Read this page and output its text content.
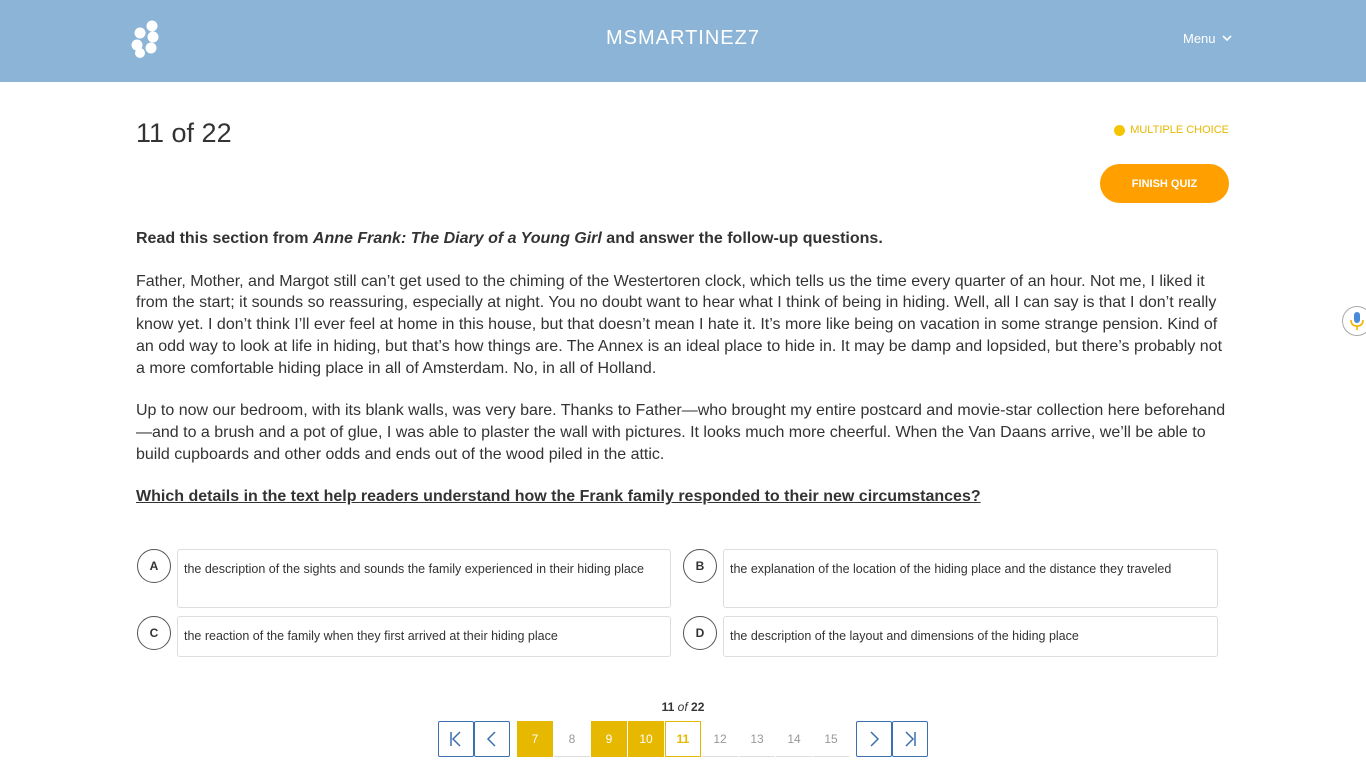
MSMARTINEZ7	Menu
11 of 22	MULTIPLE CHOICE
FINISH QUIZ

Read this section from Anne Frank: The Diary of a Young Girl and answer the follow-up questions.

Father, Mother, and Margot still can’t get used to the chiming of the Westertoren clock, which tells us the time every quarter of an hour. Not me, I liked it from the start; it sounds so reassuring, especially at night. You no doubt want to hear what I think of being in hiding. Well, all I can say is that I don’t really know yet. I don’t think I’ll ever feel at home in this house, but that doesn’t mean I hate it. It’s more like being on vacation in some strange pension. Kind of an odd way to look at life in hiding, but that’s how things are. The Annex is an ideal place to hide in. It may be damp and lopsided, but there’s probably not a more comfortable hiding place in all of Amsterdam. No, in all of Holland.

Up to now our bedroom, with its blank walls, was very bare. Thanks to Father—who brought my entire postcard and movie-star collection here beforehand—and to a brush and a pot of glue, I was able to plaster the wall with pictures. It looks much more cheerful. When the Van Daans arrive, we’ll be able to build cupboards and other odds and ends out of the wood piled in the attic.

Which details in the text help readers understand how the Frank family responded to their new circumstances?

A	the description of the sights and sounds the family experienced in their hiding place	B	the explanation of the location of the hiding place and the distance they traveled
C	the reaction of the family when they first arrived at their hiding place	D	the description of the layout and dimensions of the hiding place
11 of 22
7	8	9	10	11	12	13	14	15
